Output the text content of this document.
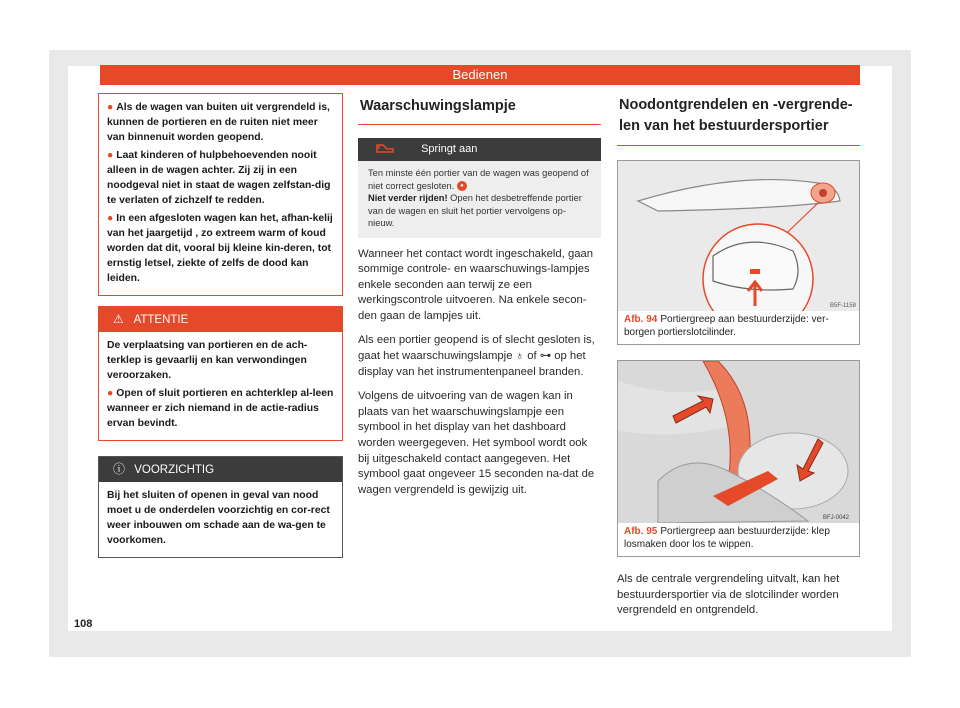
Bedienen

● Als de wagen van buiten uit vergrendeld is, kunnen de portieren en de ruiten niet meer van binnenuit worden geopend.

● Laat kinderen of hulpbehoevenden nooit alleen in de wagen achter. Zij zij in een noodgeval niet in staat de wagen zelfstan-dig te verlaten of zichzelf te redden.

● In een afgesloten wagen kan het, afhan-kelij van het jaargetijd , zo extreem warm of koud worden dat dit, vooral bij kleine kin-deren, tot ernstig letsel, ziekte of zelfs de dood kan leiden.

⚠ ATTENTIE

De verplaatsing van portieren en de ach-terklep is gevaarlij en kan verwondingen veroorzaken.

● Open of sluit portieren en achterklep al-leen wanneer er zich niemand in de actie-radius ervan bevindt.

ⓘ VOORZICHTIG

Bij het sluiten of openen in geval van nood moet u de onderdelen voorzichtig en cor-rect weer inbouwen om schade aan de wa-gen te voorkomen.

Waarschuwingslampje
Springt aan
Ten minste één portier van de wagen was geopend of niet correct gesloten. ●
Niet verder rijden! Open het desbetreffende portier van de wagen en sluit het portier vervolgens op-nieuw.

Wanneer het contact wordt ingeschakeld, gaan sommige controle- en waarschuwings-lampjes enkele seconden aan terwij ze een werkingscontrole uitvoeren. Na enkele secon-den gaan de lampjes uit.

Als een portier geopend is of slecht gesloten is, gaat het waarschuwingslampje ♁ of ⊶ op het display van het instrumentenpaneel branden.

Volgens de uitvoering van de wagen kan in plaats van het waarschuwingslampje een symbool in het display van het dashboard worden weergegeven. Het symbool wordt ook bij uitgeschakeld contact aangegeven. Het symbool gaat ongeveer 15 seconden na-dat de wagen vergrendeld is gewijzig uit.

Noodontgrendelen en -vergrende-len van het bestuurdersportier
B5F-1158
Afb. 94 Portiergreep aan bestuurderzijde: ver-borgen portierslotcilinder.
BFJ-0042
Afb. 95 Portiergreep aan bestuurderzijde: klep losmaken door los te wippen.

Als de centrale vergrendeling uitvalt, kan het bestuurdersportier via de slotcilinder worden vergrendeld en ontgrendeld.

108
